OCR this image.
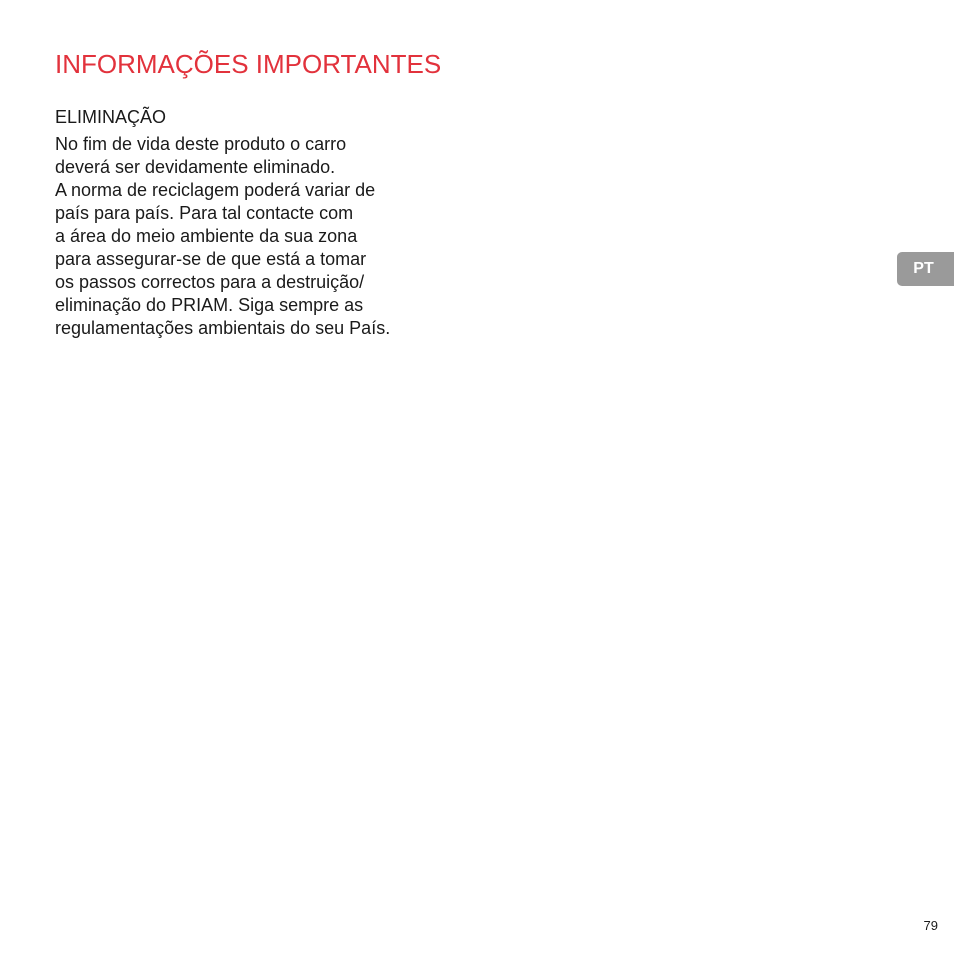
INFORMAÇÕES IMPORTANTES
ELIMINAÇÃO

No fim de vida deste produto o carro
deverá ser devidamente eliminado.
A norma de reciclagem poderá variar de
país para país. Para tal contacte com
a área do meio ambiente da sua zona
para assegurar-se de que está a tomar
os passos correctos para a destruição/
eliminação do PRIAM. Siga sempre as
regulamentações ambientais do seu País.

PT
79
